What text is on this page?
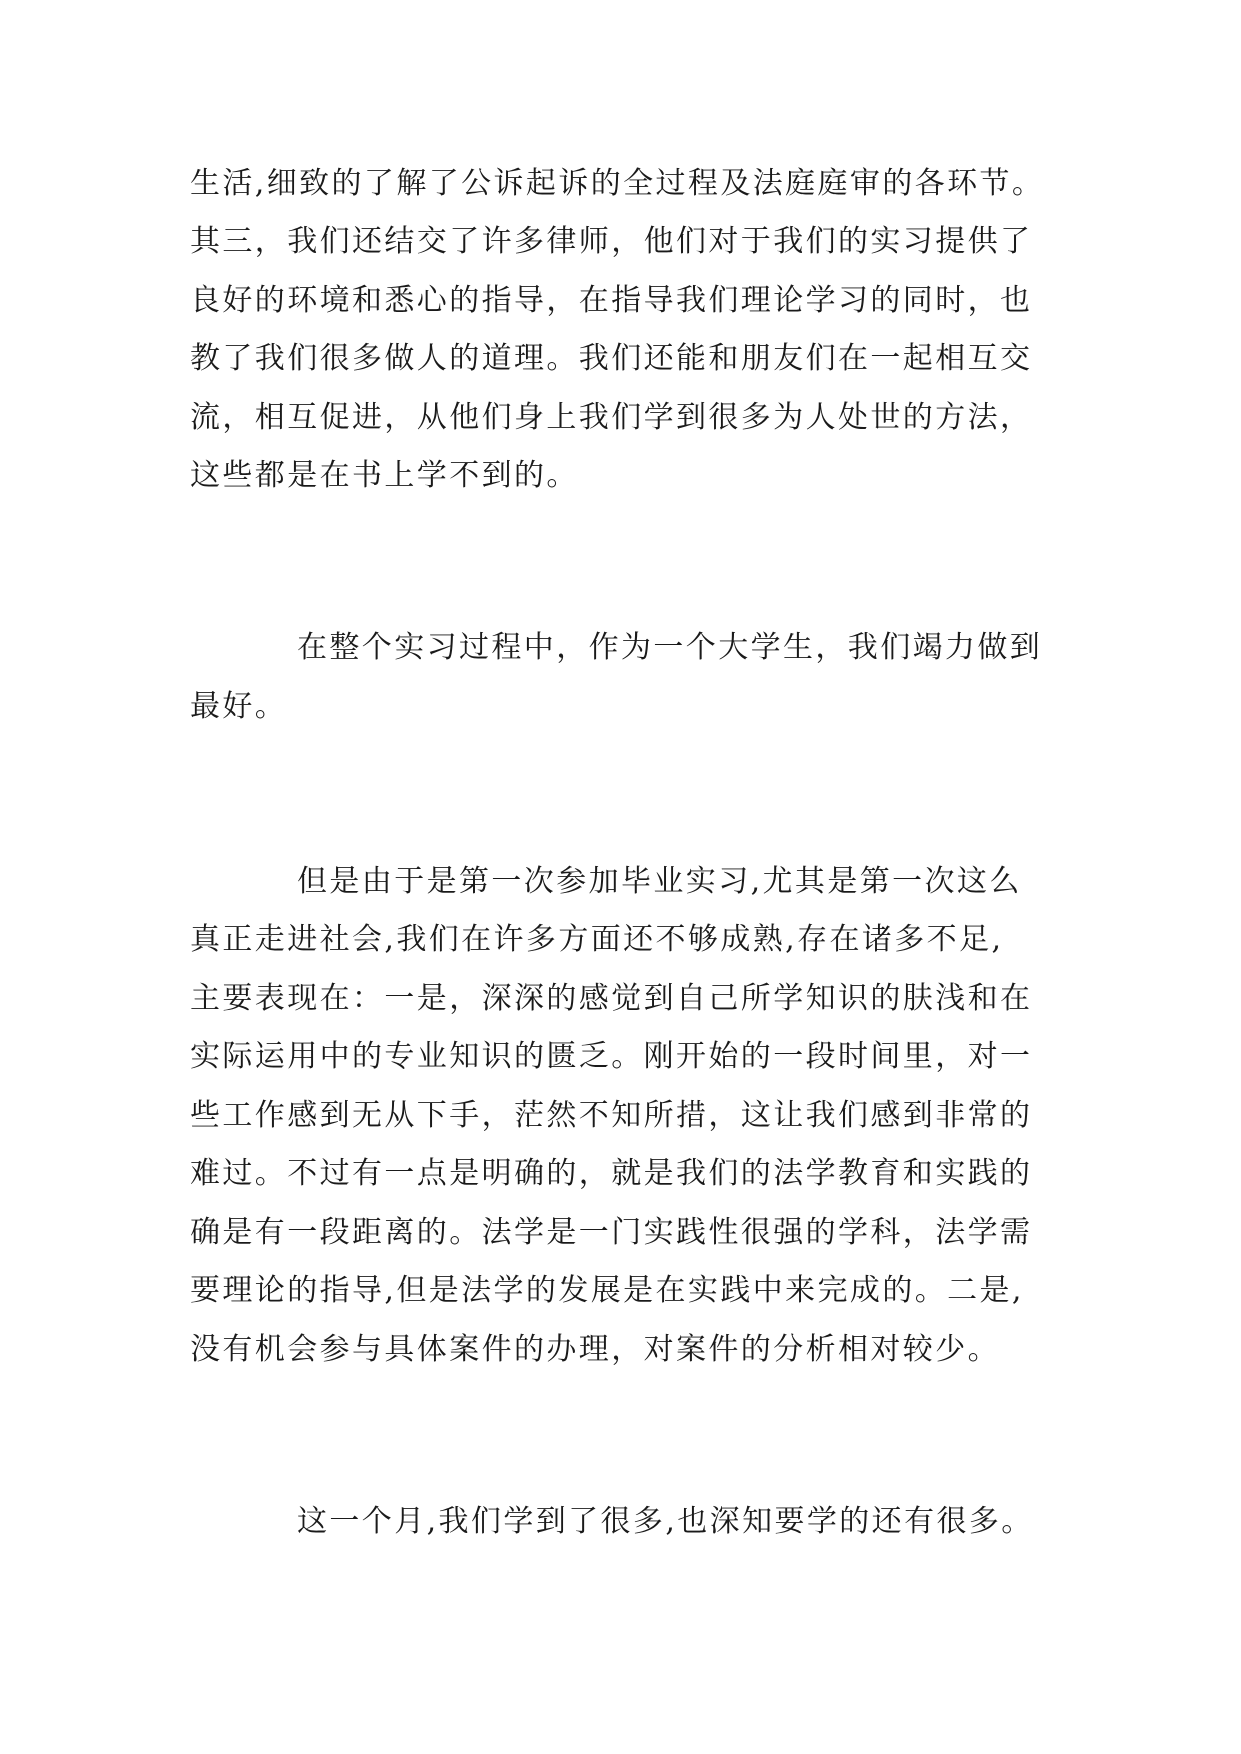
生活,细致的了解了公诉起诉的全过程及法庭庭审的各环节。
其三，我们还结交了许多律师，他们对于我们的实习提供了
良好的环境和悉心的指导，在指导我们理论学习的同时，也
教了我们很多做人的道理。我们还能和朋友们在一起相互交
流，相互促进，从他们身上我们学到很多为人处世的方法，
这些都是在书上学不到的。
在整个实习过程中，作为一个大学生，我们竭力做到
最好。
但是由于是第一次参加毕业实习,尤其是第一次这么
真正走进社会,我们在许多方面还不够成熟,存在诸多不足,
主要表现在：一是，深深的感觉到自己所学知识的肤浅和在
实际运用中的专业知识的匮乏。刚开始的一段时间里，对一
些工作感到无从下手，茫然不知所措，这让我们感到非常的
难过。不过有一点是明确的，就是我们的法学教育和实践的
确是有一段距离的。法学是一门实践性很强的学科，法学需
要理论的指导,但是法学的发展是在实践中来完成的。二是,
没有机会参与具体案件的办理，对案件的分析相对较少。
这一个月,我们学到了很多,也深知要学的还有很多。
